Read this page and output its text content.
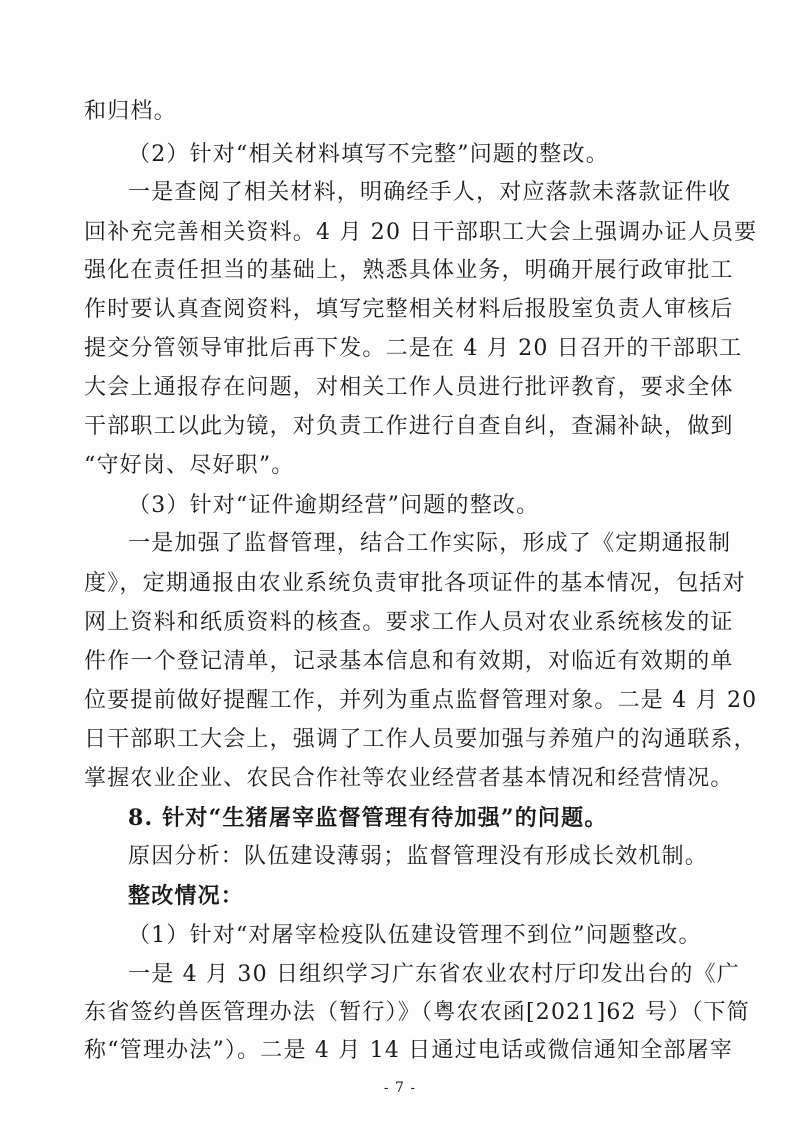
和归档。
（2）针对“相关材料填写不完整”问题的整改。
一是查阅了相关材料，明确经手人，对应落款未落款证件收
回补充完善相关资料。4 月 20 日干部职工大会上强调办证人员要
强化在责任担当的基础上，熟悉具体业务，明确开展行政审批工
作时要认真查阅资料，填写完整相关材料后报股室负责人审核后
提交分管领导审批后再下发。二是在 4 月 20 日召开的干部职工
大会上通报存在问题，对相关工作人员进行批评教育，要求全体
干部职工以此为镜，对负责工作进行自查自纠，查漏补缺，做到
“守好岗、尽好职”。
（3）针对“证件逾期经营”问题的整改。
一是加强了监督管理，结合工作实际，形成了《定期通报制
度》，定期通报由农业系统负责审批各项证件的基本情况，包括对
网上资料和纸质资料的核查。要求工作人员对农业系统核发的证
件作一个登记清单，记录基本信息和有效期，对临近有效期的单
位要提前做好提醒工作，并列为重点监督管理对象。二是 4 月 20
日干部职工大会上，强调了工作人员要加强与养殖户的沟通联系，
掌握农业企业、农民合作社等农业经营者基本情况和经营情况。
8. 针对“生猪屠宰监督管理有待加强”的问题。
原因分析：队伍建设薄弱；监督管理没有形成长效机制。
整改情况：
（1）针对“对屠宰检疫队伍建设管理不到位”问题整改。
一是 4 月 30 日组织学习广东省农业农村厅印发出台的《广
东省签约兽医管理办法（暂行）》（粤农农函[2021]62 号）（下简
称“管理办法”）。二是 4 月 14 日通过电话或微信通知全部屠宰
- 7 -
